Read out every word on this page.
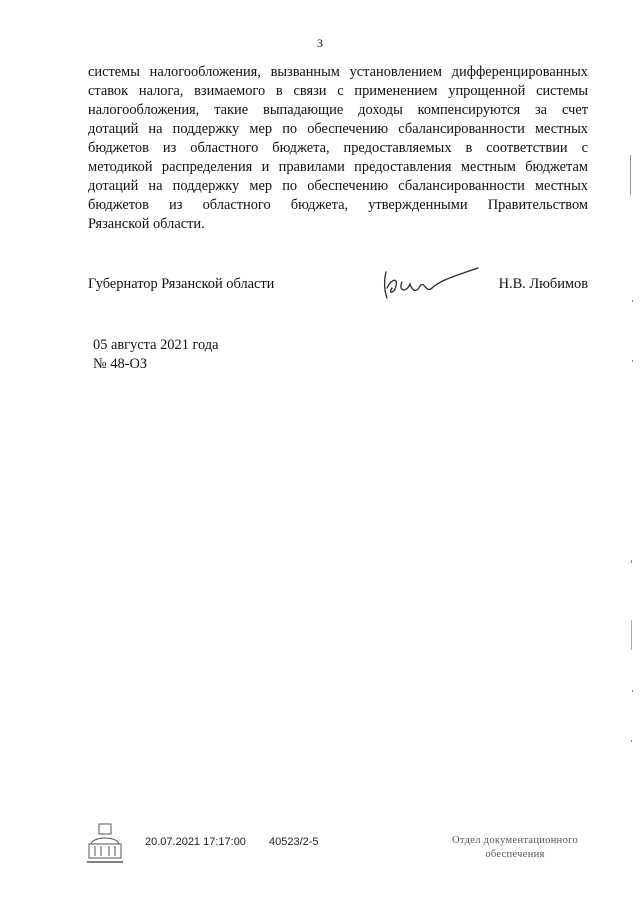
3
системы налогообложения, вызванным установлением дифференцированных
ставок налога, взимаемого в связи с применением упрощенной системы
налогообложения, такие выпадающие доходы компенсируются за счет
дотаций на поддержку мер по обеспечению сбалансированности местных
бюджетов из областного бюджета, предоставляемых в соответствии с
методикой распределения и правилами предоставления местным бюджетам
дотаций на поддержку мер по обеспечению сбалансированности местных
бюджетов из областного бюджета, утвержденными Правительством
Рязанской области.
Губернатор Рязанской области	Н.В. Любимов
05 августа 2021 года
№ 48-ОЗ
20.07.2021 17:17:00 40523/2-5	Отдел документационного
обеспечения
